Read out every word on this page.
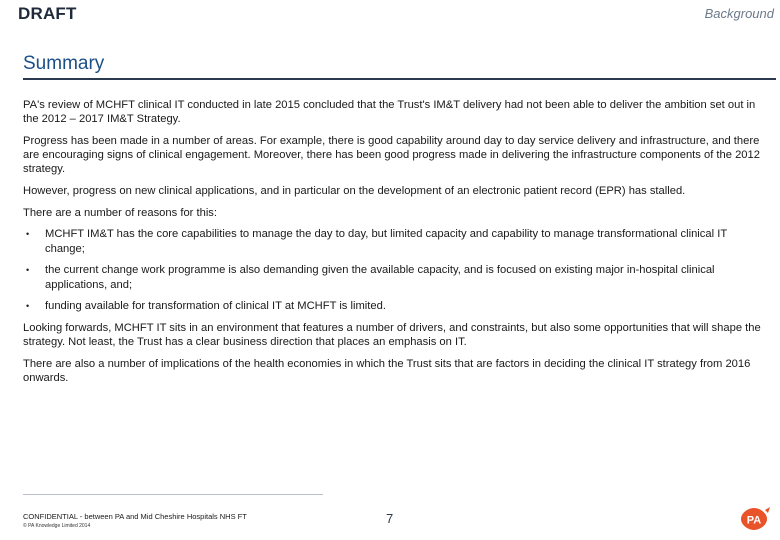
DRAFT	Background
Summary

PA's review of MCHFT clinical IT conducted in late 2015 concluded that the Trust's IM&T delivery had not been able to deliver the ambition set out in the 2012 – 2017 IM&T Strategy.

Progress has been made in a number of areas. For example, there is good capability around day to day service delivery and infrastructure, and there are encouraging signs of clinical engagement. Moreover, there has been good progress made in delivering the infrastructure components of the 2012 strategy.

However, progress on new clinical applications, and in particular on the development of an electronic patient record (EPR) has stalled.

There are a number of reasons for this:

• MCHFT IM&T has the core capabilities to manage the day to day, but limited capacity and capability to manage transformational clinical IT change;
• the current change work programme is also demanding given the available capacity, and is focused on existing major in-hospital clinical applications, and;
• funding available for transformation of clinical IT at MCHFT is limited.

Looking forwards, MCHFT IT sits in an environment that features a number of drivers, and constraints, but also some opportunities that will shape the strategy. Not least, the Trust has a clear business direction that places an emphasis on IT.

There are also a number of implications of the health economies in which the Trust sits that are factors in deciding the clinical IT strategy from 2016 onwards.

CONFIDENTIAL - between PA and Mid Cheshire Hospitals NHS FT
© PA Knowledge Limited 2014	7	PA
